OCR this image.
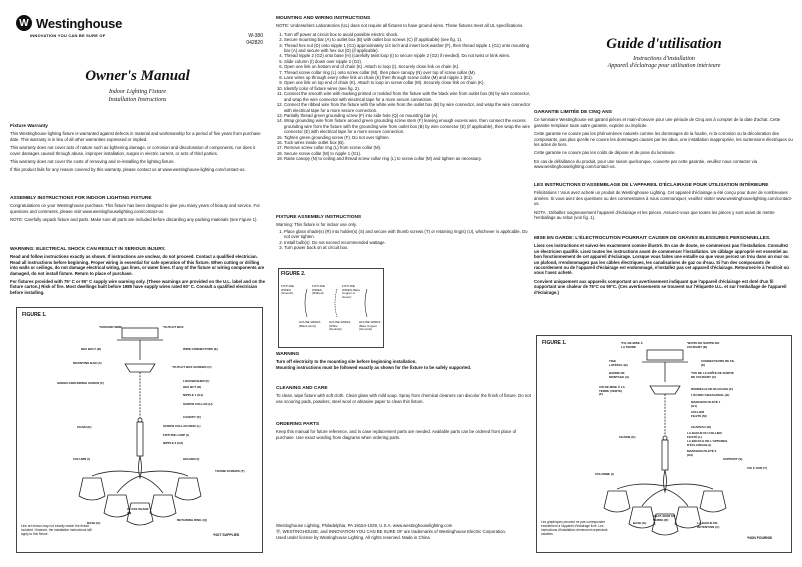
W Westinghouse
INNOVATION YOU CAN BE SURE OF	W-380
042820
Owner's Manual
Indoor Lighting Fixture
Installation Instructions
Fixture Warranty

This Westinghouse lighting fixture is warranted against defects in material and workmanship for a period of five years from purchase date. This warranty is in lieu of all other warranties expressed or implied.

This warranty does not cover acts of nature such as lightening damage, or corrosion and discoloration of components, nor does it cover damages caused through abuse, improper installation, surges in electric current, or acts of third parties.

This warranty does not cover the costs of removing and re-installing the lighting fixture.

If this product fails for any reason covered by this warranty, please contact us at www.westinghouse-lighting.com/contact-us.

ASSEMBLY INSTRUCTIONS FOR INDOOR LIGHTING FIXTURE

Congratulations on your Westinghouse purchase. This fixture has been designed to give you many years of beauty and service. For questions and comments, please visit www.westinghouselighting.com/contact-us.

NOTE: Carefully unpack fixture and parts. Make sure all parts are included before discarding any packing materials (see Figure 1).

WARNING: ELECTRICAL SHOCK CAN RESULT IN SERIOUS INJURY.

Read and follow instructions exactly as shown. If instructions are unclear, do not proceed. Contact a qualified electrician. Read all instructions before beginning. Proper wiring is essential for safe operation of this fixture. When cutting or drilling into walls or ceilings, do not damage electrical wiring, gas lines, or water lines. If any of the fixture or wiring components are damaged, do not install fixture. Return to place of purchase.

For fixtures provided with 75° C or 90° C supply wire warning only. (These warnings are provided on the U.L. label and on the fixture carton.) Risk of fire. Most dwellings built before 1985 have supply wires rated 60° C. Consult a qualified electrician before installing.

FIGURE 1.
*GROUND WIRE	*OUTLET BOX
HEX BOLT (B)
MOUNTING BAR (A)
WIRE CONNECTORS (E)
*OUTLET BOX SCREWS (C)
GREEN GROUNDING SCREW (F)	LOCKWASHER (F)
HEX NUT (D)
NIPPLE 1 (G1)
SCREW COLLAR (H)
CANOPY (K)
CHAIN (K)	SCREW COLLAR RING (L)
FIXTURE LOOP (I)
NIPPLE 2 (G2)
COLUMN (I)	HOLDER (I)
THUMB SCREWS (T)
BASE (H)
GLASS SHADE (R)
RETAINING RING (Q)
Line art shown may not exactly match the fixture included. However, the installation instructions still apply to this fixture.	*NOT SUPPLIED
MOUNTING AND WIRING INSTRUCTIONS

NOTE: Underwriters Laboratories (UL) does not require all fixtures to have ground wires. These fixtures meet all UL specifications.

1. Turn off power at circuit box to avoid possible electric shock.
2. Secure mounting bar (A) to outlet box (B) with outlet box screws (C) (if applicable) (see fig. 1).
3. Thread hex nut (D) onto nipple 1 (G1) approximately 1/4 inch and insert lock washer (F), then thread nipple 1 (G1) onto mounting bar (A) and secure with hex nut (D) (if applicable).
4. Thread nipple 2 (G2) onto base (H) (carefully twist loop (I) to secure nipple 2 (G2) if needed). Do not twist or kink wires.
5. Slide column (I) down over nipple 2 (G2).
6. Open one link on bottom end of chain (K). Attach to loop (I). Securely close link on chain (K).
7. Thread screw collar ring (L) onto screw collar (M), then place canopy (N) over top of screw collar (M).
8. Lace wires up through every other link on chain (K) then through screw collar (M) and nipple 1 (E1).
9. Open one link on top end of chain (K). Attach to loop on screw collar (M). Securely close link on chain (K).
10. Identify color of fixture wires (see fig. 2).
11. Connect the smooth wire with marking printed or molded from the fixture with the black wire from outlet box (B) by wire connector, and wrap the wire connector with electrical tape for a more secure connection.
12. Connect the ribbed wire from the fixture with the white wire from the outlet box (B) by wire connector, and wrap the wire connector with electrical tape for a more secure connection.
13. Partially thread green grounding screw (F) into side hole (Q) on mounting bar (A).
14. Wrap grounding wire from fixture around green grounding screw stem (F) leaving enough excess wire, then connect the excess grounding wire from the fixture with the grounding wire from outlet box (B) by wire connector (E) (if applicable), then wrap the wire connector (E) with electrical tape for a more secure connection.
15. Tighten green grounding screw (F). Do not over tighten.
16. Tuck wires inside outlet box (B).
17. Remove screw collar ring (L) from screw collar (M).
18. Secure screw collar (M) to nipple 1 (G1).
19. Raise canopy (N) to ceiling and thread screw collar ring (L) to screw collar (M) and tighten as necessary.
FIXTURE ASSEMBLY INSTRUCTIONS

Warning: This fixture is for indoor use only.

1. Place glass shade(s) (R) into holder(s) (S) and secure with thumb screws (T) or retaining ring(s) (U), whichever is applicable. Do not over tighten.
2. Install bulb(s). Do not exceed recommended wattage.
3. Turn power back on at circuit box.
FIGURE 2.
FIXTURE WIRES (Smooth)
FIXTURE WIRES (Ribbed)
FIXTURE WIRES (Bare Copper or Green)
HOUSE WIRES (Black (Hot))
HOUSE WIRES (White (Neutral))
HOUSE WIRES (Bare Copper (Ground))
WARNING

Turn off electricity to the mounting site before beginning installation.

Mounting instructions must be followed exactly as shown for the fixture to be safely supported.

CLEANING AND CARE

To clean, wipe fixture with soft cloth. Clean glass with mild soap. Spray from chemical cleaners can discolor the finish of fixture. Do not use scouring pads, powders, steel wool or abrasive paper to clean this fixture.

ORDERING PARTS

Keep this manual for future reference, and in case replacement parts are needed. Available parts can be ordered from place of purchase. Use exact wording from diagrams when ordering parts.

Westinghouse Lighting, Philadelphia, PA 19154-1029, U.S.A. www.westinghouselighting.com
Ⓦ, WESTINGHOUSE, and INNOVATION YOU CAN BE SURE OF are trademarks of Westinghouse Electric Corporation.
Used under license by Westinghouse Lighting. All rights reserved. Made in China
Guide d'utilisation
Instructions d'installation
Appareil d'éclairage pour utilisation intérieure
GARANTIE LIMITÉE DE CINQ ANS

Ce luminaire Westinghouse est garanti pièces et main-d'oeuvre pour une période de Cinq ans à compter de la date d'achat. Cette garantie remplace toute autre garantie, expicite ou implicite.

Cette garantie ne couvre pas les phénomènes naturels comme les dommages de la foudre, ni la corrosion ou la décoloration des composants, pas plus qu'elle ne couvre les dommages causés par les abus, une installation inappropriée, les surtensions électriques ou les actes de tiers.

Cette garantie ne couvre pas les coûts de dépose et de pose du luminaire.

En cas de défaillance du produit, pour une raison quelconque, couverte par cette garantie, veuillez nous contacter via www.westinghouselighting.com/contact-us.

LES INSTRUCTIONS D'ASSEMBLAGE DE L'APPAREIL D'ÉCLAIRAGE POUR UTILISATION INTÉRIEURE

Félicitations ! Vous avez acheté un produit de Westinghouse Lighting. Cet appareil d'éclairage a été conçu pour durer de nombreuses années. Si vous avez des questions ou des commentaires à nous communiquer, veuillez visiter www.westinghouselighting.com/contact-us.

NOTA : Déballez soigneusement l'appareil d'éclairage et les pièces. Assurez-vous que toutes les pièces y sont avant de mettre l'emballage au rebut (voir fig. 1).

MISE EN GARDE: L'ÉLECTROCUTION POURRAIT CAUSER DE GRAVES BLESSURES PERSONNELLES.

Lisez ces instructions et suivez-les exactement comme illustré. En cas de doute, ne commencez pas l'installation. Consultez un électricien qualifié. Lisez toutes les instructions avant de commencer l'installation. Un câblage approprié est essentiel au bon fonctionnement de cet appareil d'éclairage. Lorsque vous faites une entaille ou que vous percez un trou dans un mur ou un plafond, n'endommagez pas les câbles électriques, les canalisations de gaz ou d'eau. Si l'un des composants de raccordement ou de l'appareil d'éclairage est endommagé, n'installez pas cet appareil d'éclairage. Retournez-le à l'endroit où vous l'avez acheté.

Convient uniquement aux appareils comportant un avertissement indiquant que l'appareil d'éclairage est doté d'un fil supportant une chaleur de 75°C ou 90°C. (Ces avertissements se trouvent sur l'étiquette U.L. et sur l'emballage de l'appareil d'éclairage.)

FIGURE 1.	*FIL DE MISE À LA TERRE
*BOITE DE SORTIE DE COURANT (B)
TIGE LATÉRAL (B)
BARRE DE MONTAGE (A)
CONNECTEURS DE FIL (E)
*VIS DE LA BOÎTE DE SORTIE DE COURANT (C)
VIS DE MISE À LA TERRE (VERTE) (F)
RONDELLE DE BLOCAGE (F)
L'ÉCROU HEXAGONAL (D)
MANCHON FILETÉ 1 (G1)
COLLIER FILETÉ (M)
CHAPEAU (N)
CHAINE (K)
LA BAGUE DU COLLIER FILETÉ (L)
LA BOUCLE DE L'APPAREIL D'ÉCLAIRAGE (I)
MANCHON FILETÉ 2 (G2)
COLONNE (I)
SUPPORT (S)
VIS À OUR (T)
BASE (H)
ABAT-JOUR EN VERRE (R)
LA BAGUE DE RÉTENTION (U)
Les graphiques peuvent ne pas correspondre exactement à l'appareil d'éclairage livré. Les instructions d'installation demeurent cependant valables.
*NON FOURNIS
